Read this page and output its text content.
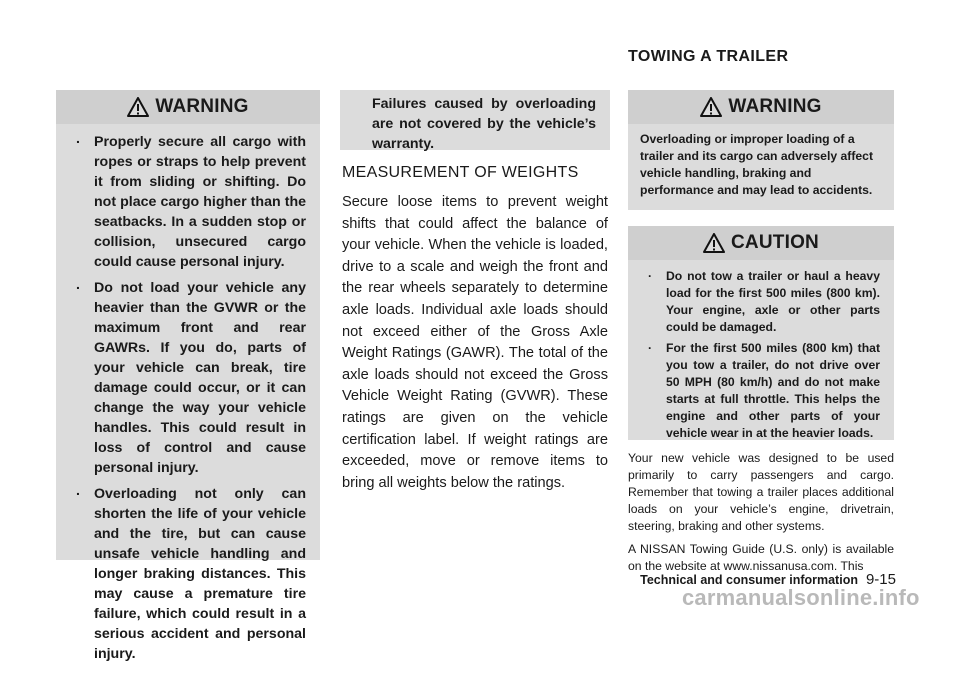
TOWING A TRAILER
WARNING
. Properly secure all cargo with ropes or straps to help prevent it from sliding or shifting. Do not place cargo higher than the seatbacks. In a sudden stop or collision, unsecured cargo could cause personal injury.
. Do not load your vehicle any heavier than the GVWR or the maximum front and rear GAWRs. If you do, parts of your vehicle can break, tire damage could occur, or it can change the way your vehicle handles. This could result in loss of control and cause personal injury.
. Overloading not only can shorten the life of your vehicle and the tire, but can cause unsafe vehicle handling and longer braking distances. This may cause a premature tire failure, which could result in a serious accident and personal injury.
Failures caused by overloading are not covered by the vehicle’s warranty.
MEASUREMENT OF WEIGHTS

Secure loose items to prevent weight shifts that could affect the balance of your vehicle. When the vehicle is loaded, drive to a scale and weigh the front and the rear wheels separately to determine axle loads. Individual axle loads should not exceed either of the Gross Axle Weight Ratings (GAWR). The total of the axle loads should not exceed the Gross Vehicle Weight Rating (GVWR). These ratings are given on the vehicle certification label. If weight ratings are exceeded, move or remove items to bring all weights below the ratings.

WARNING
Overloading or improper loading of a trailer and its cargo can adversely affect vehicle handling, braking and performance and may lead to accidents.
CAUTION
. Do not tow a trailer or haul a heavy load for the first 500 miles (800 km). Your engine, axle or other parts could be damaged.
. For the first 500 miles (800 km) that you tow a trailer, do not drive over 50 MPH (80 km/h) and do not make starts at full throttle. This helps the engine and other parts of your vehicle wear in at the heavier loads.

Your new vehicle was designed to be used primarily to carry passengers and cargo. Remember that towing a trailer places additional loads on your vehicle’s engine, drivetrain, steering, braking and other systems.

A NISSAN Towing Guide (U.S. only) is available on the website at www.nissanusa.com. This

Technical and consumer information 9-15
carmanualsonline.info
